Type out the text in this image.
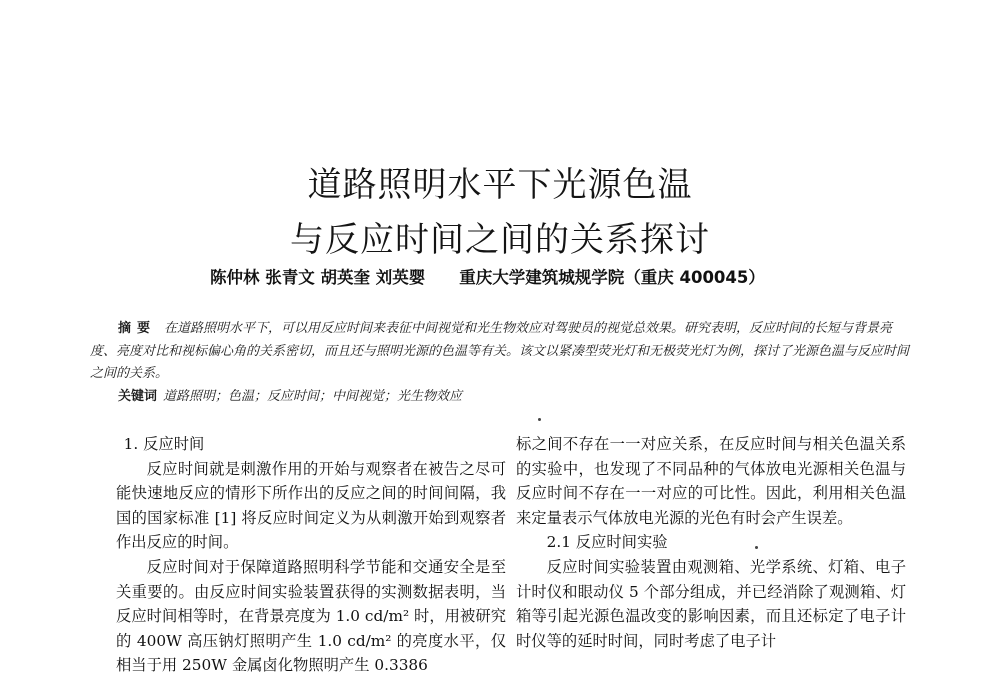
道路照明水平下光源色温
与反应时间之间的关系探讨
陈仲林 张青文 胡英奎 刘英婴 重庆大学建筑城规学院（重庆 400045）
摘要 在道路照明水平下，可以用反应时间来表征中间视觉和光生物效应对驾驶员的视觉总效果。研究表明，反应时间的长短与背景亮度、亮度对比和视标偏心角的关系密切，而且还与照明光源的色温等有关。该文以紧凑型荧光灯和无极荧光灯为例，探讨了光源色温与反应时间之间的关系。
关键词 道路照明；色温；反应时间；中间视觉；光生物效应

1. 反应时间

反应时间就是刺激作用的开始与观察者在被告之尽可能快速地反应的情形下所作出的反应之间的时间间隔，我国的国家标准 [1] 将反应时间定义为从刺激开始到观察者作出反应的时间。

反应时间对于保障道路照明科学节能和交通安全是至关重要的。由反应时间实验装置获得的实测数据表明，当反应时间相等时，在背景亮度为 1.0 cd/m² 时，用被研究的 400W 高压钠灯照明产生 1.0 cd/m² 的亮度水平，仅相当于用 250W 金属卤化物照明产生 0.3386

标之间不存在一一对应关系，在反应时间与相关色温关系的实验中，也发现了不同品种的气体放电光源相关色温与反应时间不存在一一对应的可比性。因此，利用相关色温来定量表示气体放电光源的光色有时会产生误差。

2.1 反应时间实验

反应时间实验装置由观测箱、光学系统、灯箱、电子计时仪和眼动仪 5 个部分组成，并已经消除了观测箱、灯箱等引起光源色温改变的影响因素，而且还标定了电子计时仪等的延时时间，同时考虑了电子计
